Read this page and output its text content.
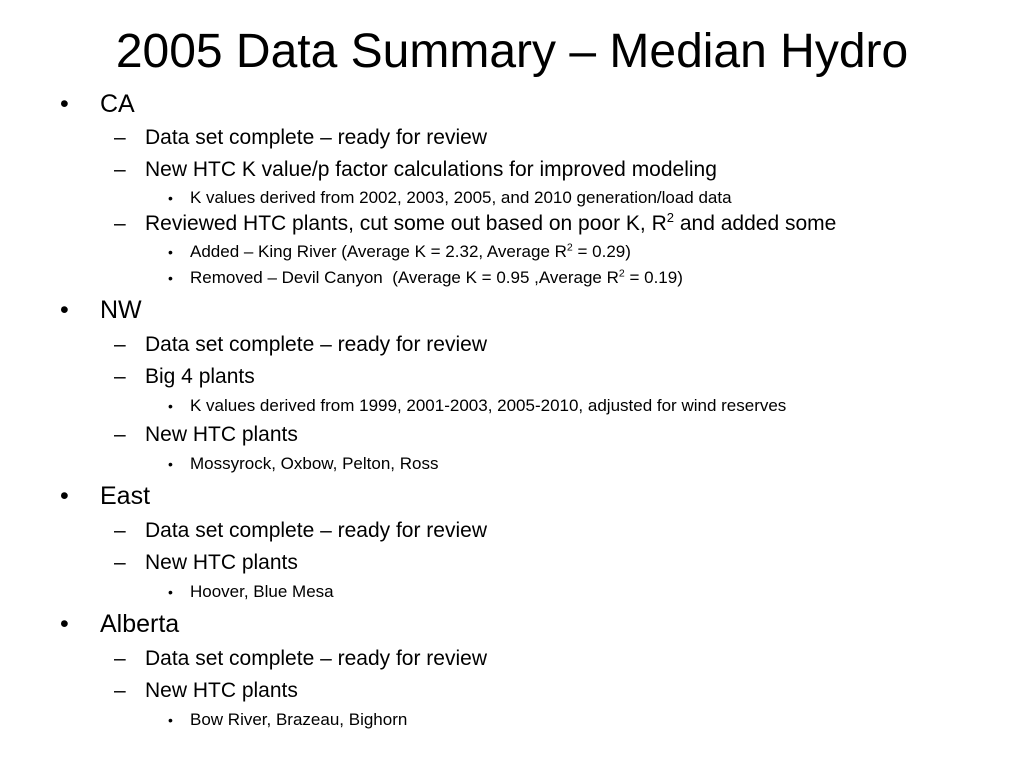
2005 Data Summary – Median Hydro
• CA
– Data set complete – ready for review
– New HTC K value/p factor calculations for improved modeling
• K values derived from 2002, 2003, 2005, and 2010 generation/load data
– Reviewed HTC plants, cut some out based on poor K, $R^2$ and added some
• Added – King River (Average K = 2.32, Average $R^2 = 0.29$)
• Removed – Devil Canyon  (Average K = 0.95 ,Average $R^2 = 0.19$)
• NW
– Data set complete – ready for review
– Big 4 plants
• K values derived from 1999, 2001-2003, 2005-2010, adjusted for wind reserves
– New HTC plants
• Mossyrock, Oxbow, Pelton, Ross
• East
– Data set complete – ready for review
– New HTC plants
• Hoover, Blue Mesa
• Alberta
– Data set complete – ready for review
– New HTC plants
• Bow River, Brazeau, Bighorn
